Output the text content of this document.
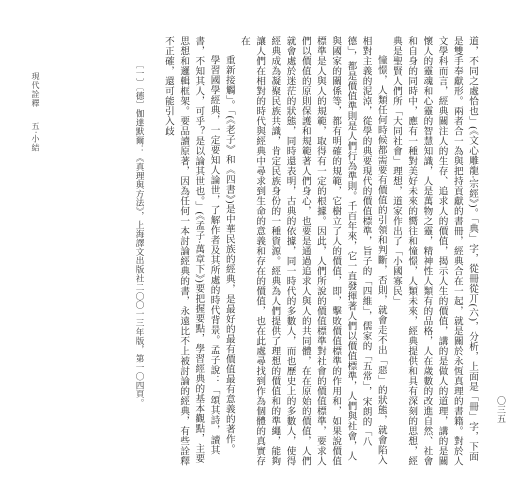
現代詮釋
五·小結	道，不同之處恰也」(《文心雕龍·宗經》)。「典」字，從冊從丌(六)，分析，上面是「冊」字，下面是雙手奉獻形。兩者合一為與把持貢獻的書冊，經典合在一起，就是關於永恆真理的書籍。對於人文學科而言，經典關注人的生存、追求人的價值，揭示人生的價值，講的是做人的道理，講的是關懷人的靈魂和心靈的智慧知識，人是萬物之靈，精神性人類有的品格，人在歲數的改進自然、社會和自身的同時中，應有一種對美好未來的嚮往和憧憬，人類未來，經典提供和具有深刻的思想，經典是聖賢人們所「大同社會」理想，道家作出了「小國寡民」

憧憬，人類任何時候都需要有價值的引領和判斷，否則，就會走不出「惡」的狀態，就會陷入相對主義的泥淖，從學的典要現代的價值標準，旨子的「四維」，儒家的「五常」，宋朗的「八德」，都是價值準則是人們行為準則。千百年來，它一直發揮著人們以價值標準，人們與社會，人與國家的關係等，都有明確的規範，它樹立了人的價值，即，擊敗價值標準的作用和，如果說價值標準是人與人的規範，取得有一定的根據。因此，人們所說的價值標準對社會的價值標準，要求人們以價值的原則保護和規範著人們身心，也要是通過追求人與人的共同體，在在原始的價值，人們就會處於迷茫的狀態，同時還表明，古典的依據，同一時代的多數人，而也歷史上的多數人，使得經典成為凝聚民族共識，肯定民族身份的一種資源。經典為人們提供了理想的價值和的準繩，能夠讓人們在相對的時代與經典中尋求到生命的意義和存在的價值，也在此處尋找到作為個體的真實存在

重新接觸」。「(《老子》和《四書》)是中華民族的經典，是最好的最有價值最有意義的著作。

學習國學經典，一定要知人論世，了解作者及其所處的時代背景。孟子說：「頌其詩，讀其書，不知其人，可乎？是以論其世也。」(《孟子·萬章下》)要把握要點，學習經典的基本觀點，主要思想和邏輯框架。要品讀原著，因為任何一本討論經典的書，永遠比不上被討論的經典，有些詮釋不正確，還可能引入歧

〔一〕〔德〕伽達默爾：《真理與方法》，上海譯文出版社二〇〇一三年版，第一〇四頁。
〇三五
